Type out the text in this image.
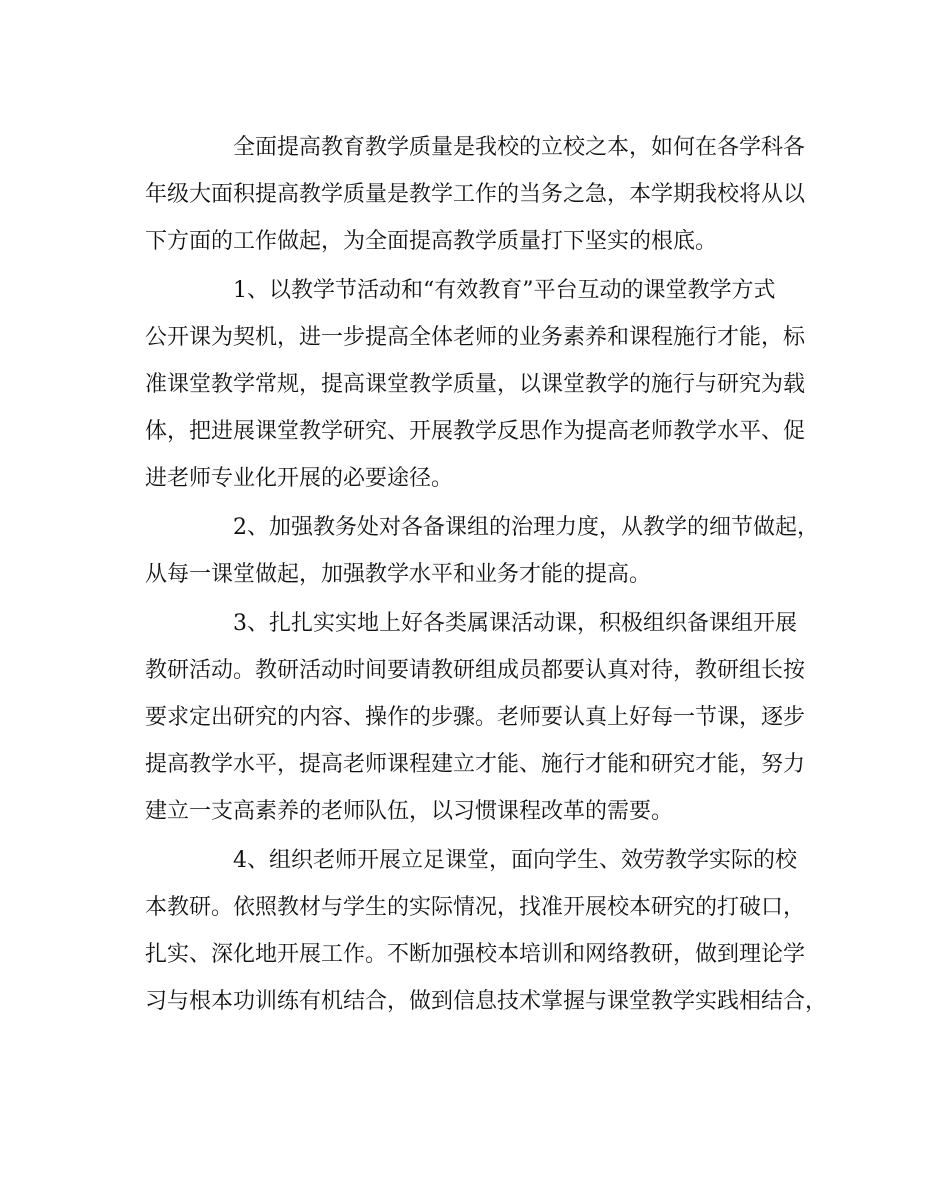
全面提高教育教学质量是我校的立校之本，如何在各学科各
年级大面积提高教学质量是教学工作的当务之急，本学期我校将从以
下方面的工作做起，为全面提高教学质量打下坚实的根底。
1、以教学节活动和“有效教育”平台互动的课堂教学方式
公开课为契机，进一步提高全体老师的业务素养和课程施行才能，标
准课堂教学常规，提高课堂教学质量，以课堂教学的施行与研究为载
体，把进展课堂教学研究、开展教学反思作为提高老师教学水平、促
进老师专业化开展的必要途径。
2、加强教务处对各备课组的治理力度，从教学的细节做起，
从每一课堂做起，加强教学水平和业务才能的提高。
3、扎扎实实地上好各类属课活动课，积极组织备课组开展
教研活动。教研活动时间要请教研组成员都要认真对待，教研组长按
要求定出研究的内容、操作的步骤。老师要认真上好每一节课，逐步
提高教学水平，提高老师课程建立才能、施行才能和研究才能，努力
建立一支高素养的老师队伍，以习惯课程改革的需要。
4、组织老师开展立足课堂，面向学生、效劳教学实际的校
本教研。依照教材与学生的实际情况，找准开展校本研究的打破口，
扎实、深化地开展工作。不断加强校本培训和网络教研，做到理论学
习与根本功训练有机结合，做到信息技术掌握与课堂教学实践相结合，
